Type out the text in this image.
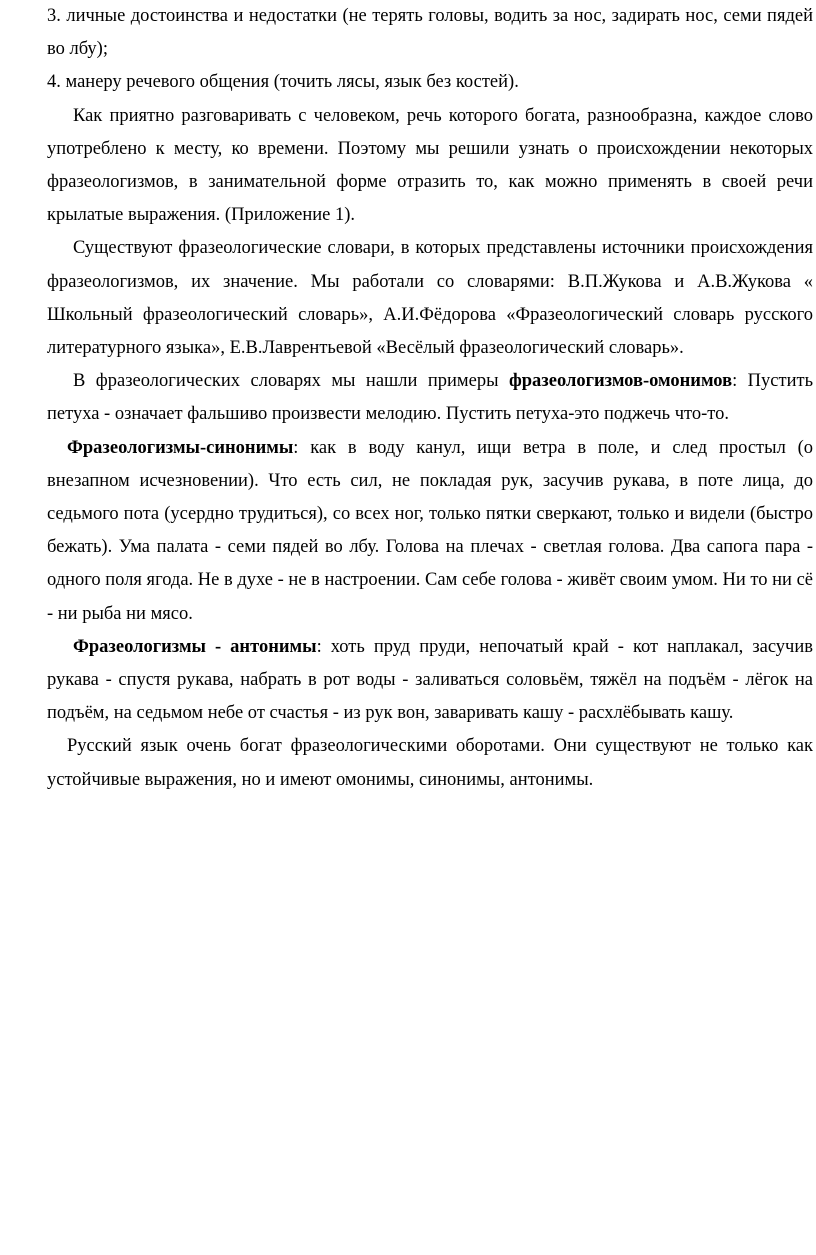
3. личные достоинства и недостатки (не терять головы, водить за нос, задирать нос, семи пядей во лбу);

4. манеру речевого общения (точить лясы, язык без костей).

Как приятно разговаривать с человеком, речь которого богата, разнообразна, каждое слово употреблено к месту, ко времени. Поэтому мы решили узнать о происхождении некоторых фразеологизмов, в занимательной форме отразить то, как можно применять в своей речи крылатые выражения. (Приложение 1).

Существуют фразеологические словари, в которых представлены источники происхождения фразеологизмов, их значение. Мы работали со словарями: В.П.Жукова и А.В.Жукова « Школьный фразеологический словарь», А.И.Фёдорова «Фразеологический словарь русского литературного языка», Е.В.Лаврентьевой «Весёлый фразеологический словарь».

В фразеологических словарях мы нашли примеры фразеологизмов-омонимов: Пустить петуха - означает фальшиво произвести мелодию. Пустить петуха-это поджечь что-то.

Фразеологизмы-синонимы: как в воду канул, ищи ветра в поле, и след простыл (о внезапном исчезновении). Что есть сил, не покладая рук, засучив рукава, в поте лица, до седьмого пота (усердно трудиться), со всех ног, только пятки сверкают, только и видели (быстро бежать). Ума палата - семи пядей во лбу. Голова на плечах - светлая голова. Два сапога пара - одного поля ягода. Не в духе - не в настроении. Сам себе голова - живёт своим умом. Ни то ни сё - ни рыба ни мясо.

Фразеологизмы - антонимы: хоть пруд пруди, непочатый край - кот наплакал, засучив рукава - спустя рукава, набрать в рот воды - заливаться соловьём, тяжёл на подъём - лёгок на подъём, на седьмом небе от счастья - из рук вон, заваривать кашу - расхлёбывать кашу.

Русский язык очень богат фразеологическими оборотами. Они существуют не только как устойчивые выражения, но и имеют омонимы, синонимы, антонимы.
